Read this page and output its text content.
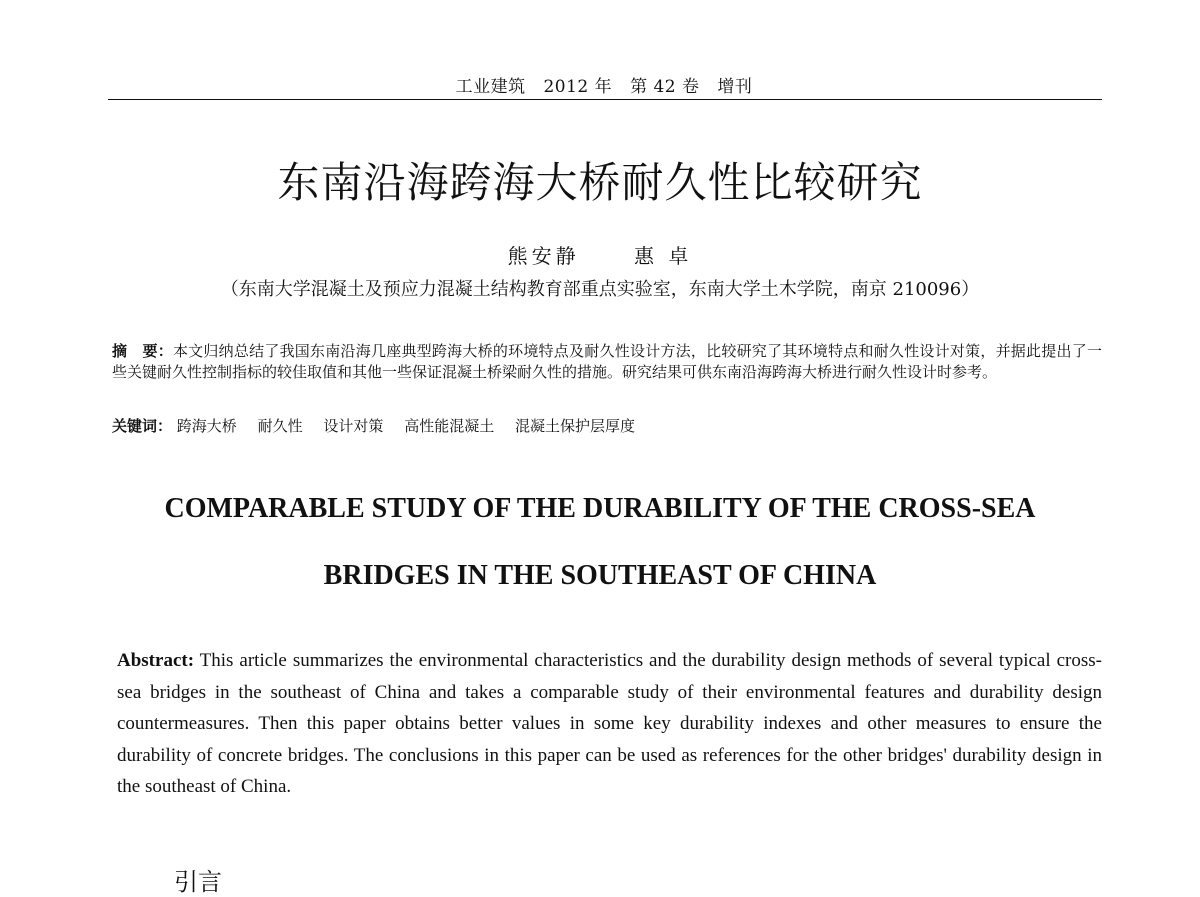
工业建筑 2012 年 第 42 卷 增刊
东南沿海跨海大桥耐久性比较研究
熊安静	惠 卓
（东南大学混凝土及预应力混凝土结构教育部重点实验室，东南大学土木学院，南京 210096）
摘　要：本文归纳总结了我国东南沿海几座典型跨海大桥的环境特点及耐久性设计方法，比较研究了其环境特点和耐久性设计对策，并据此提出了一些关键耐久性控制指标的较佳取值和其他一些保证混凝土桥梁耐久性的措施。研究结果可供东南沿海跨海大桥进行耐久性设计时参考。
关键词： 跨海大桥 耐久性 设计对策 高性能混凝土 混凝土保护层厚度
COMPARABLE STUDY OF THE DURABILITY OF THE CROSS-SEA
BRIDGES IN THE SOUTHEAST OF CHINA
Abstract: This article summarizes the environmental characteristics and the durability design methods of several typical cross-sea bridges in the southeast of China and takes a comparable study of their environmental features and durability design countermeasures. Then this paper obtains better values in some key durability indexes and other measures to ensure the durability of concrete bridges. The conclusions in this paper can be used as references for the other bridges' durability design in the southeast of China.
引言
